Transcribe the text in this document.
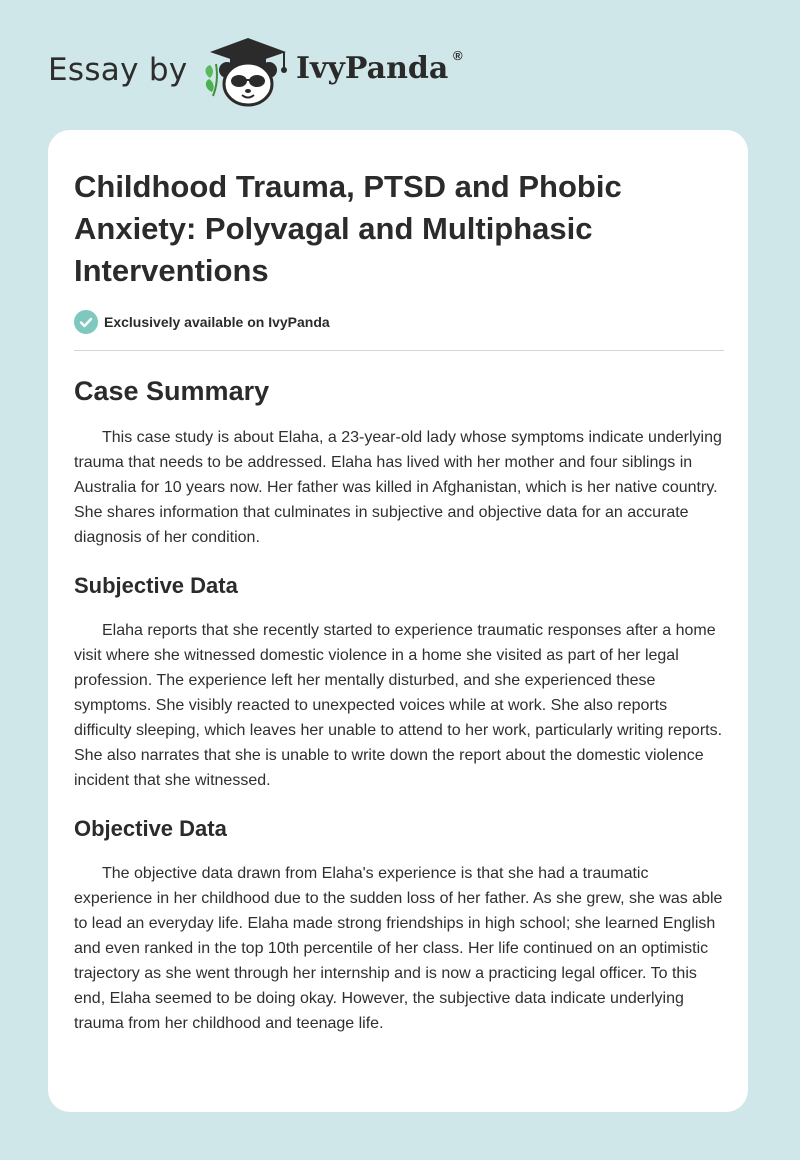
Essay by	IvyPanda ®
Childhood Trauma, PTSD and Phobic Anxiety: Polyvagal and Multiphasic Interventions
Exclusively available on IvyPanda
Case Summary

This case study is about Elaha, a 23-year-old lady whose symptoms indicate underlying trauma that needs to be addressed. Elaha has lived with her mother and four siblings in Australia for 10 years now. Her father was killed in Afghanistan, which is her native country. She shares information that culminates in subjective and objective data for an accurate diagnosis of her condition.

Subjective Data

Elaha reports that she recently started to experience traumatic responses after a home visit where she witnessed domestic violence in a home she visited as part of her legal profession. The experience left her mentally disturbed, and she experienced these symptoms. She visibly reacted to unexpected voices while at work. She also reports difficulty sleeping, which leaves her unable to attend to her work, particularly writing reports. She also narrates that she is unable to write down the report about the domestic violence incident that she witnessed.

Objective Data

The objective data drawn from Elaha's experience is that she had a traumatic experience in her childhood due to the sudden loss of her father. As she grew, she was able to lead an everyday life. Elaha made strong friendships in high school; she learned English and even ranked in the top 10th percentile of her class. Her life continued on an optimistic trajectory as she went through her internship and is now a practicing legal officer. To this end, Elaha seemed to be doing okay. However, the subjective data indicate underlying trauma from her childhood and teenage life.
